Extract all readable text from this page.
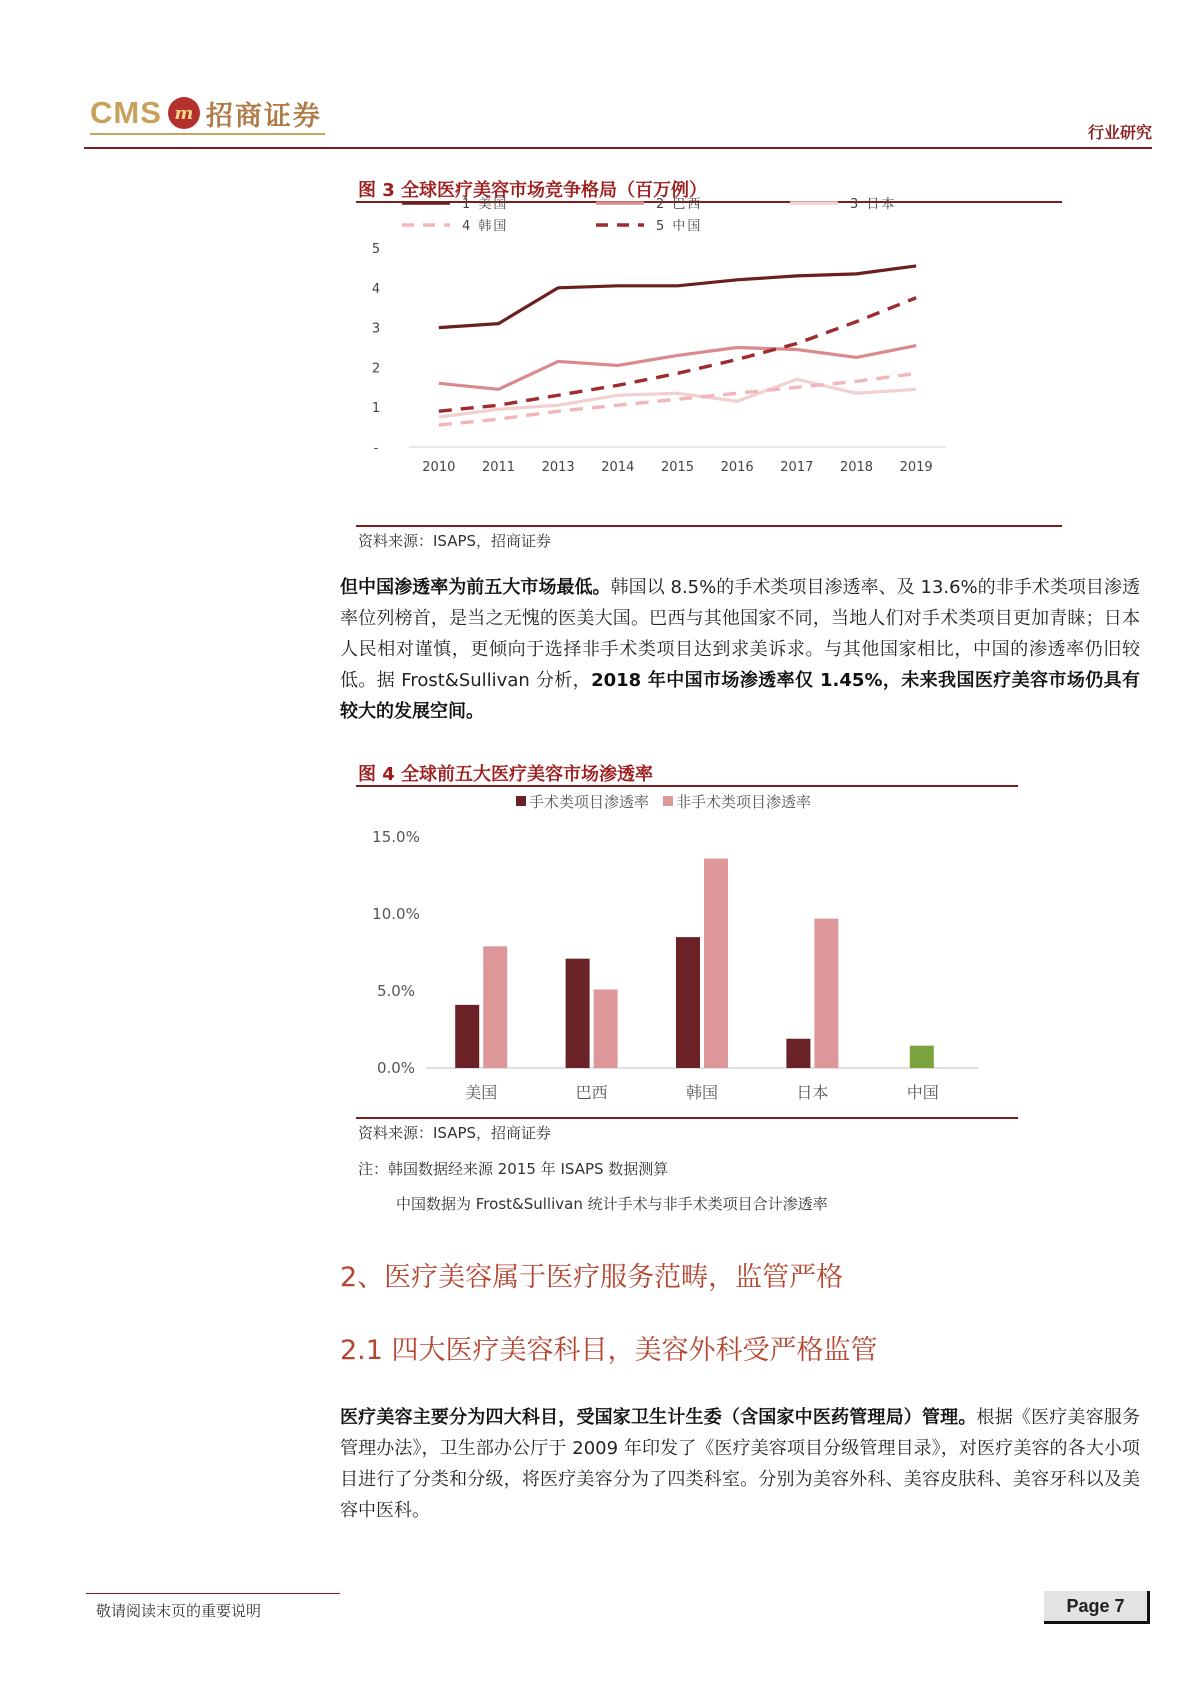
CMS m 招商证券
行业研究
图 3 全球医疗美容市场竞争格局（百万例）
1 美国	2 巴西	3 日本
4 韩国	5 中国
-
1
2
3
4
5
2010 2011 2013 2014 2015 2016 2017 2018 2019
资料来源：ISAPS，招商证券
但中国渗透率为前五大市场最低。韩国以 8.5%的手术类项目渗透率、及 13.6%的非手术类项目渗透率位列榜首，是当之无愧的医美大国。巴西与其他国家不同，当地人们对手术类项目更加青睐；日本人民相对谨慎，更倾向于选择非手术类项目达到求美诉求。与其他国家相比，中国的渗透率仍旧较低。据 Frost&Sullivan 分析，2018 年中国市场渗透率仅 1.45%，未来我国医疗美容市场仍具有较大的发展空间。
图 4 全球前五大医疗美容市场渗透率
手术类项目渗透率 非手术类项目渗透率
0.0%
5.0%
10.0%
15.0%
美国	巴西	韩国	日本	中国
资料来源：ISAPS，招商证券
注：韩国数据经来源 2015 年 ISAPS 数据测算
中国数据为 Frost&Sullivan 统计手术与非手术类项目合计渗透率
2、医疗美容属于医疗服务范畴，监管严格
2.1 四大医疗美容科目，美容外科受严格监管
医疗美容主要分为四大科目，受国家卫生计生委（含国家中医药管理局）管理。根据《医疗美容服务管理办法》，卫生部办公厅于 2009 年印发了《医疗美容项目分级管理目录》，对医疗美容的各大小项目进行了分类和分级，将医疗美容分为了四类科室。分别为美容外科、美容皮肤科、美容牙科以及美容中医科。
敬请阅读末页的重要说明	Page 7
